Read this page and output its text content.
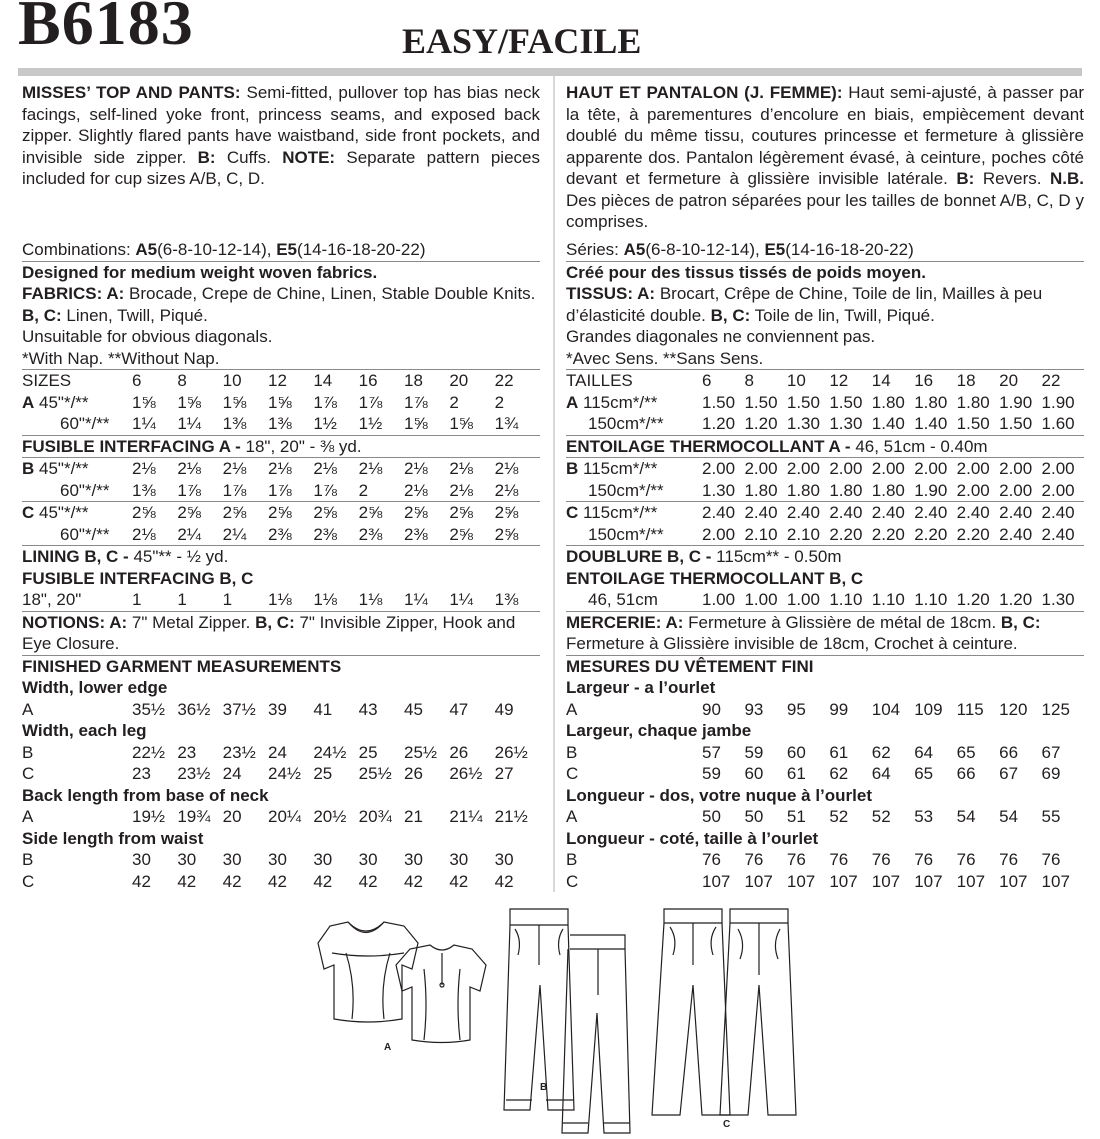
B6183	EASY/FACILE
MISSES’ TOP AND PANTS: Semi-fitted, pullover top has bias neck facings, self-lined yoke front, princess seams, and exposed back zipper. Slightly flared pants have waistband, side front pockets, and invisible side zipper. B: Cuffs. NOTE: Separate pattern pieces included for cup sizes A/B, C, D.
Combinations: A5(6-8-10-12-14), E5(14-16-18-20-22)
Designed for medium weight woven fabrics.
FABRICS: A: Brocade, Crepe de Chine, Linen, Stable Double Knits. B, C: Linen, Twill, Piqué.
Unsuitable for obvious diagonals.
*With Nap. **Without Nap.
SIZES	6	8	10	12	14	16	18	20	22
A 45"*/**	1⅝	1⅝	1⅝	1⅝	1⅞	1⅞	1⅞	2	2
60"*/**	1¼	1¼	1⅜	1⅜	1½	1½	1⅝	1⅝	1¾
FUSIBLE INTERFACING A - 18", 20" - ⅜ yd.
B 45"*/**	2⅛	2⅛	2⅛	2⅛	2⅛	2⅛	2⅛	2⅛	2⅛
60"*/**	1⅜	1⅞	1⅞	1⅞	1⅞	2	2⅛	2⅛	2⅛
C 45"*/**	2⅝	2⅝	2⅝	2⅝	2⅝	2⅝	2⅝	2⅝	2⅝
60"*/**	2⅛	2¼	2¼	2⅜	2⅜	2⅜	2⅜	2⅝	2⅝
LINING B, C - 45"** - ½ yd.
FUSIBLE INTERFACING B, C
18", 20"	1	1	1	1⅛	1⅛	1⅛	1¼	1¼	1⅜
NOTIONS: A: 7" Metal Zipper. B, C: 7" Invisible Zipper, Hook and Eye Closure.
FINISHED GARMENT MEASUREMENTS
Width, lower edge
A	35½ 36½ 37½ 39	41	43	45	47	49
Width, each leg
B	22½ 23	23½ 24	24½ 25	25½ 26	26½
C	23	23½ 24	24½ 25	25½ 26	26½ 27
Back length from base of neck
A	19½ 19¾ 20	20¼ 20½ 20¾ 21	21¼ 21½
Side length from waist
B	30	30	30	30	30	30	30	30	30
C	42	42	42	42	42	42	42	42	42
HAUT ET PANTALON (J. FEMME): Haut semi-ajusté, à passer par la tête, à parementures d’encolure en biais, empiècement devant doublé du même tissu, coutures princesse et fermeture à glissière apparente dos. Pantalon légèrement évasé, à ceinture, poches côté devant et fermeture à glissière invisible latérale. B: Revers. N.B. Des pièces de patron séparées pour les tailles de bonnet A/B, C, D y comprises.
Séries: A5(6-8-10-12-14), E5(14-16-18-20-22)
Créé pour des tissus tissés de poids moyen.
TISSUS: A: Brocart, Crêpe de Chine, Toile de lin, Mailles à peu d’élasticité double. B, C: Toile de lin, Twill, Piqué.
Grandes diagonales ne conviennent pas.
*Avec Sens. **Sans Sens.
TAILLES	6	8	10	12	14	16	18	20	22
A 115cm*/**	1.50 1.50 1.50 1.50 1.80 1.80 1.80 1.90 1.90
150cm*/**	1.20 1.20 1.30 1.30 1.40 1.40 1.50 1.50 1.60
ENTOILAGE THERMOCOLLANT A - 46, 51cm - 0.40m
B 115cm*/**	2.00 2.00 2.00 2.00 2.00 2.00 2.00 2.00 2.00
150cm*/**	1.30 1.80 1.80 1.80 1.80 1.90 2.00 2.00 2.00
C 115cm*/**	2.40 2.40 2.40 2.40 2.40 2.40 2.40 2.40 2.40
150cm*/**	2.00 2.10 2.10 2.20 2.20 2.20 2.20 2.40 2.40
DOUBLURE B, C - 115cm** - 0.50m
ENTOILAGE THERMOCOLLANT B, C
46, 51cm	1.00 1.00 1.00 1.10 1.10 1.10 1.20 1.20 1.30
MERCERIE: A: Fermeture à Glissière de métal de 18cm. B, C: Fermeture à Glissière invisible de 18cm, Crochet à ceinture.
MESURES DU VÊTEMENT FINI
Largeur - a l’ourlet
A	90	93	95	99	104 109 115 120 125
Largeur, chaque jambe
B	57	59	60	61	62	64	65	66	67
C	59	60	61	62	64	65	66	67	69
Longueur - dos, votre nuque à l’ourlet
A	50	50	51	52	52	53	54	54	55
Longueur - coté, taille à l’ourlet
B	76	76	76	76	76	76	76	76	76
C	107 107 107 107 107 107 107 107 107
A
B
C
